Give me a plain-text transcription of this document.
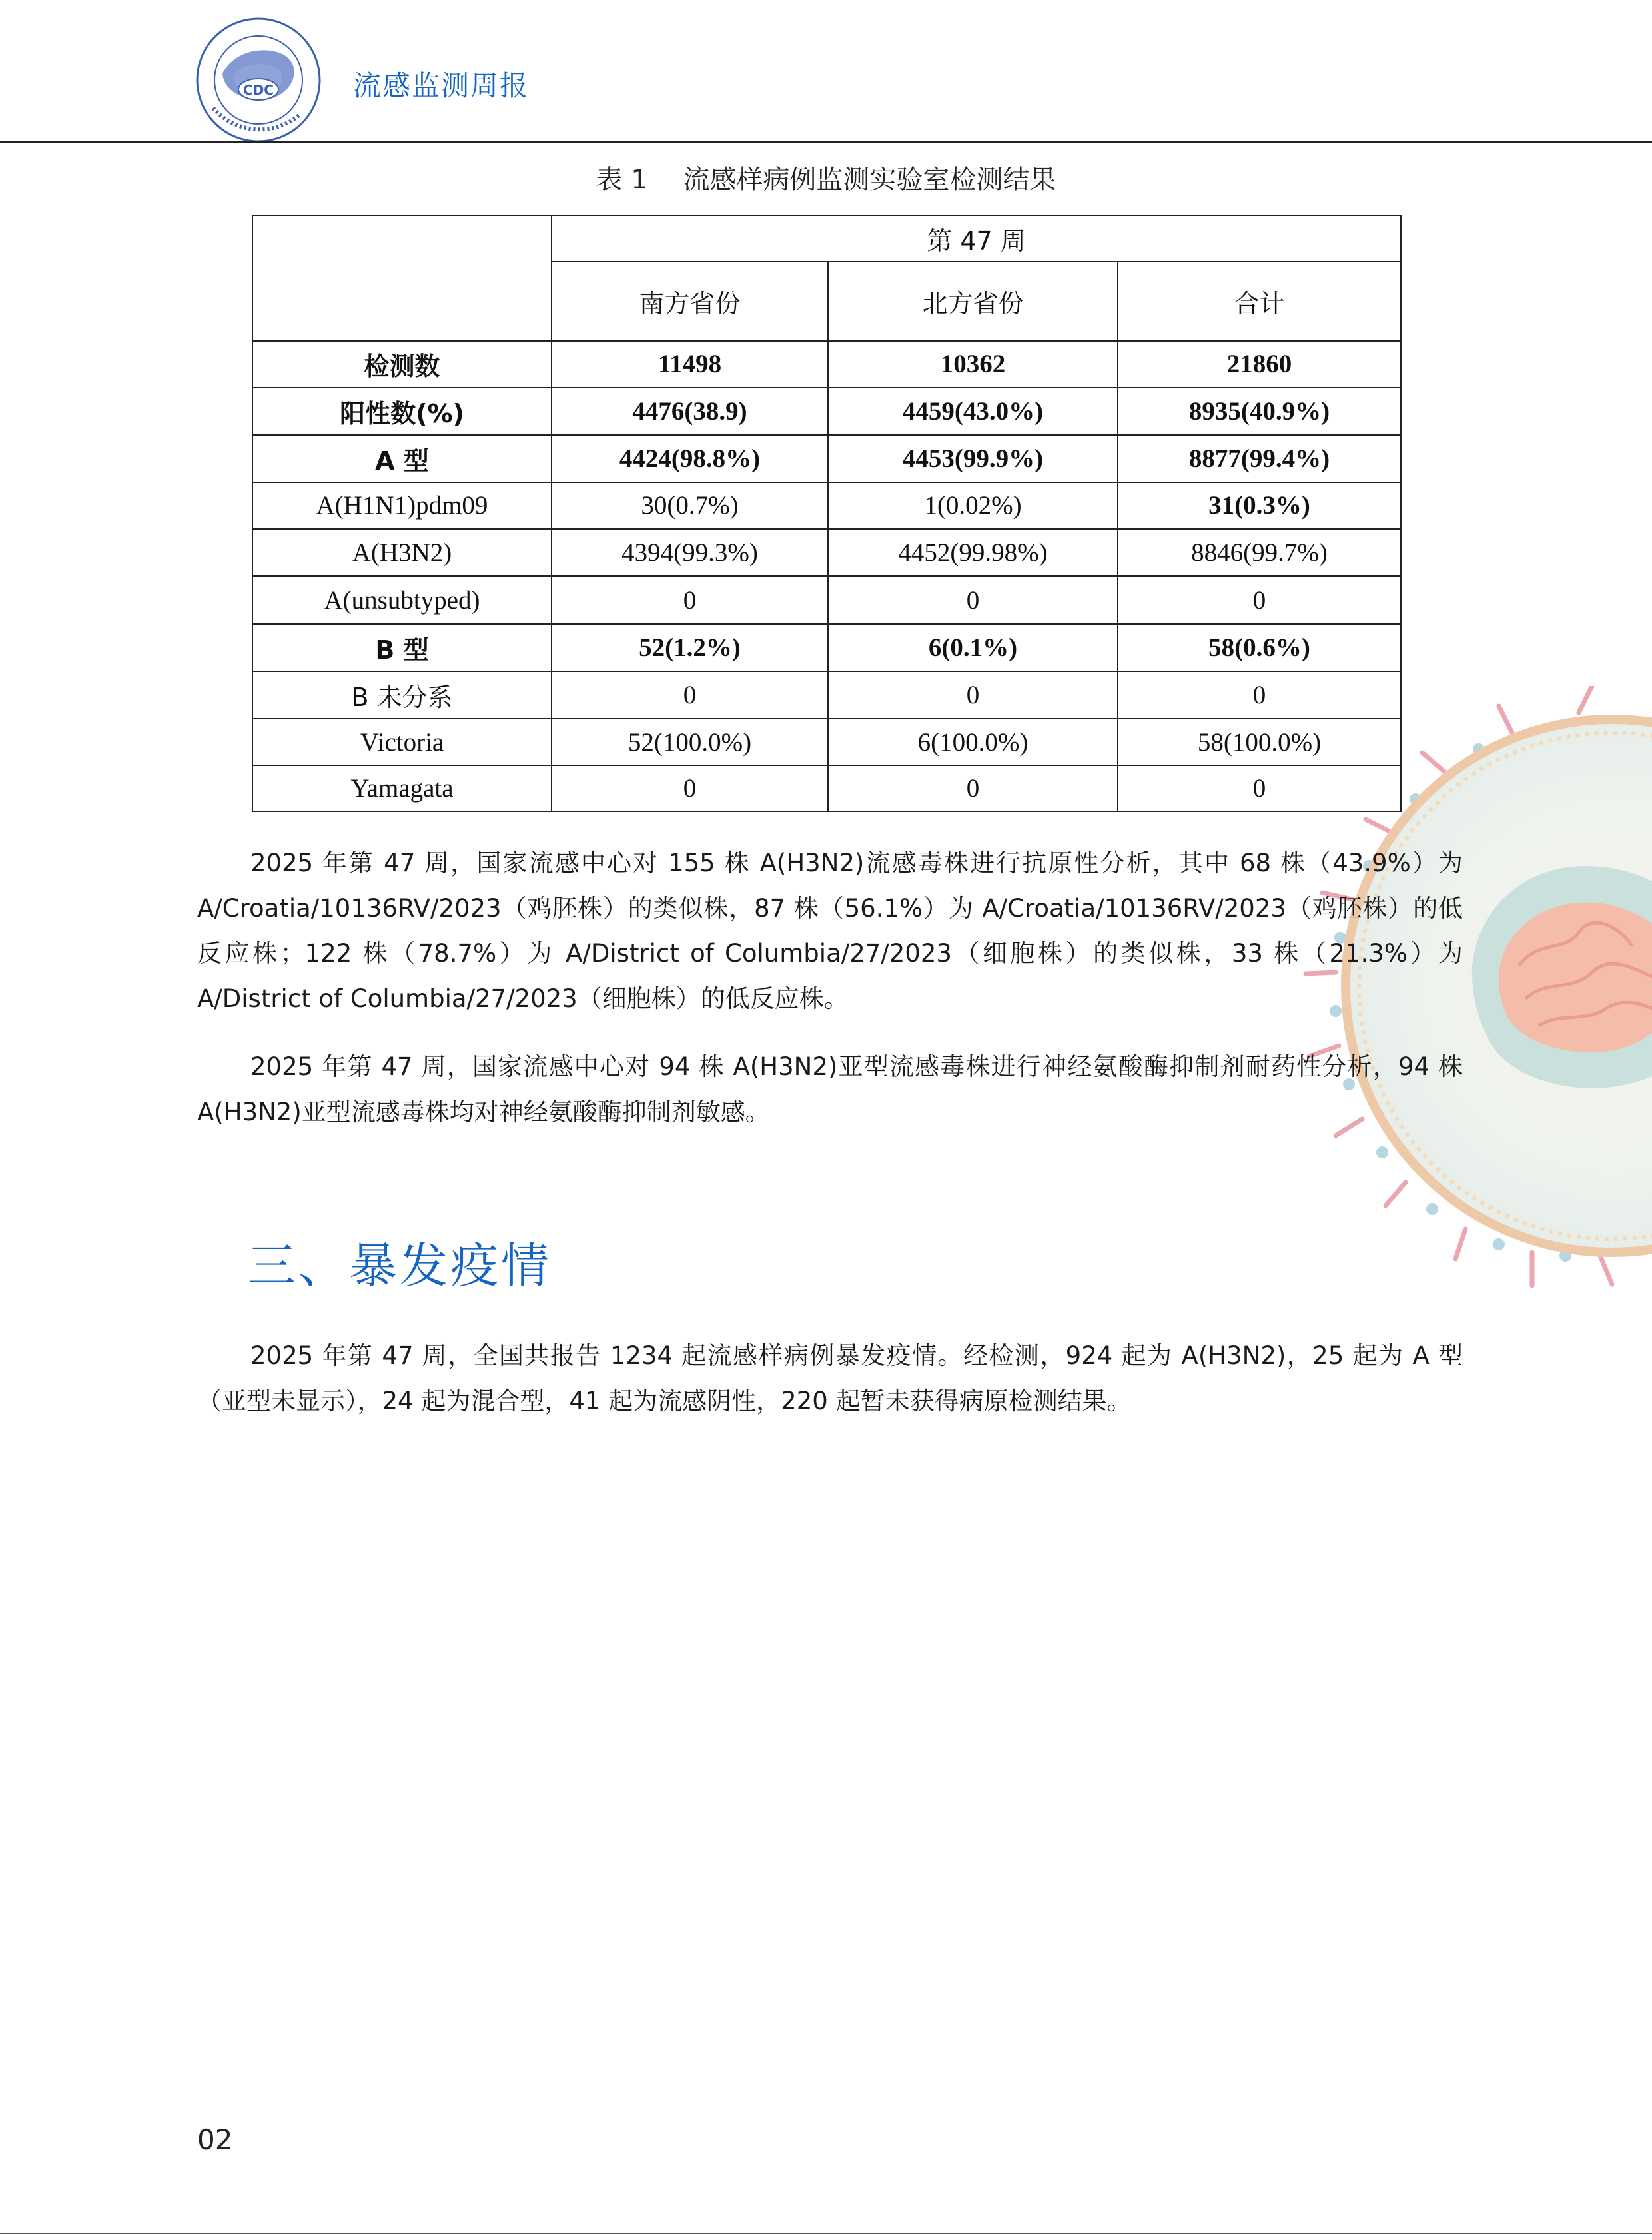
CDC	流感监测周报
表 1 流感样病例监测实验室检测结果
	第 47 周		
	南方省份	北方省份	合计
检测数	11498	10362	21860
阳性数(%)	4476(38.9)	4459(43.0%)	8935(40.9%)
A 型	4424(98.8%)	4453(99.9%)	8877(99.4%)
A(H1N1)pdm09	30(0.7%)	1(0.02%)	31(0.3%)
A(H3N2)	4394(99.3%)	4452(99.98%)	8846(99.7%)
A(unsubtyped)	0	0	0
B 型	52(1.2%)	6(0.1%)	58(0.6%)
B 未分系	0	0	0
Victoria	52(100.0%)	6(100.0%)	58(100.0%)
Yamagata	0	0	0
2025 年第 47 周，国家流感中心对 155 株 A(H3N2)流感毒株进行抗原性分析，其中 68 株（43.9%）为 A/Croatia/10136RV/2023（鸡胚株）的类似株，87 株（56.1%）为 A/Croatia/10136RV/2023（鸡胚株）的低反应株；122 株（78.7%）为 A/District of Columbia/27/2023（细胞株）的类似株，33 株（21.3%）为 A/District of Columbia/27/2023（细胞株）的低反应株。
2025 年第 47 周，国家流感中心对 94 株 A(H3N2)亚型流感毒株进行神经氨酸酶抑制剂耐药性分析，94 株 A(H3N2)亚型流感毒株均对神经氨酸酶抑制剂敏感。
三、暴发疫情
2025 年第 47 周，全国共报告 1234 起流感样病例暴发疫情。经检测，924 起为 A(H3N2)，25 起为 A 型（亚型未显示），24 起为混合型，41 起为流感阴性，220 起暂未获得病原检测结果。
02
